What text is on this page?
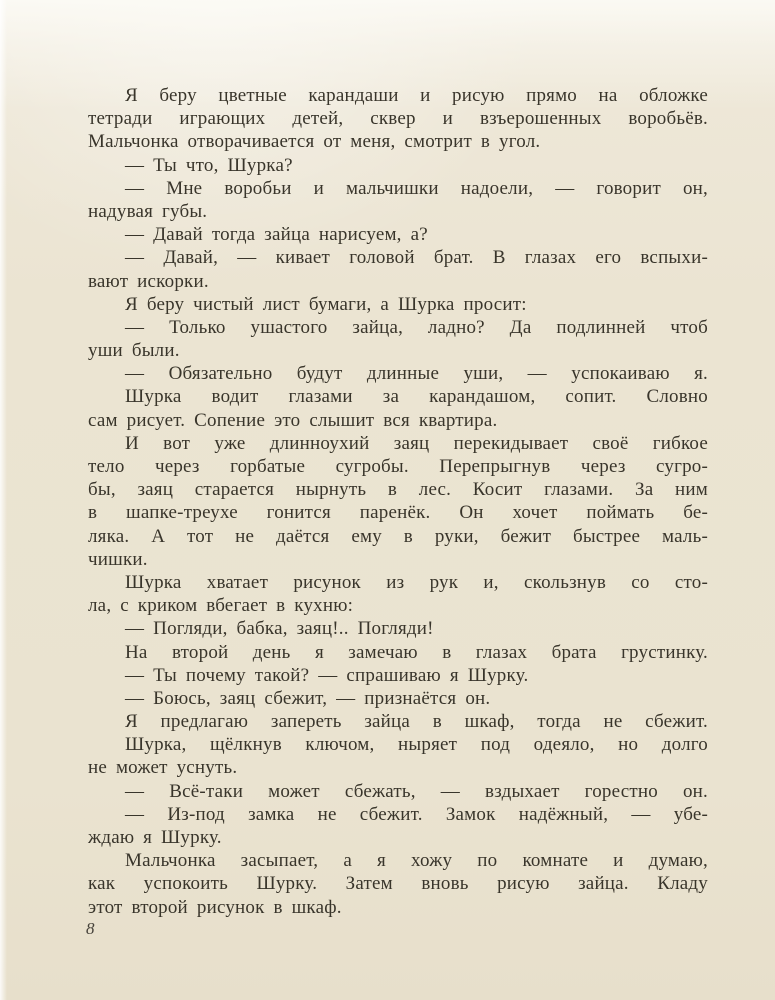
Я беру цветные карандаши и рисую прямо на обложке
тетради играющих детей, сквер и взъерошенных воробьёв.
Мальчонка отворачивается от меня, смотрит в угол.
— Ты что, Шурка?
— Мне воробьи и мальчишки надоели, — говорит он,
надувая губы.
— Давай тогда зайца нарисуем, а?
— Давай, — кивает головой брат. В глазах его вспыхи-
вают искорки.
Я беру чистый лист бумаги, а Шурка просит:
— Только ушастого зайца, ладно? Да подлинней чтоб
уши были.
— Обязательно будут длинные уши, — успокаиваю я.
Шурка водит глазами за карандашом, сопит. Словно
сам рисует. Сопение это слышит вся квартира.
И вот уже длинноухий заяц перекидывает своё гибкое
тело через горбатые сугробы. Перепрыгнув через сугро-
бы, заяц старается нырнуть в лес. Косит глазами. За ним
в шапке-треухе гонится паренёк. Он хочет поймать бе-
ляка. А тот не даётся ему в руки, бежит быстрее маль-
чишки.
Шурка хватает рисунок из рук и, скользнув со сто-
ла, с криком вбегает в кухню:
— Погляди, бабка, заяц!.. Погляди!
На второй день я замечаю в глазах брата грустинку.
— Ты почему такой? — спрашиваю я Шурку.
— Боюсь, заяц сбежит, — признаётся он.
Я предлагаю запереть зайца в шкаф, тогда не сбежит.
Шурка, щёлкнув ключом, ныряет под одеяло, но долго
не может уснуть.
— Всё-таки может сбежать, — вздыхает горестно он.
— Из-под замка не сбежит. Замок надёжный, — убе-
ждаю я Шурку.
Мальчонка засыпает, а я хожу по комнате и думаю,
как успокоить Шурку. Затем вновь рисую зайца. Кладу
этот второй рисунок в шкаф.
8
